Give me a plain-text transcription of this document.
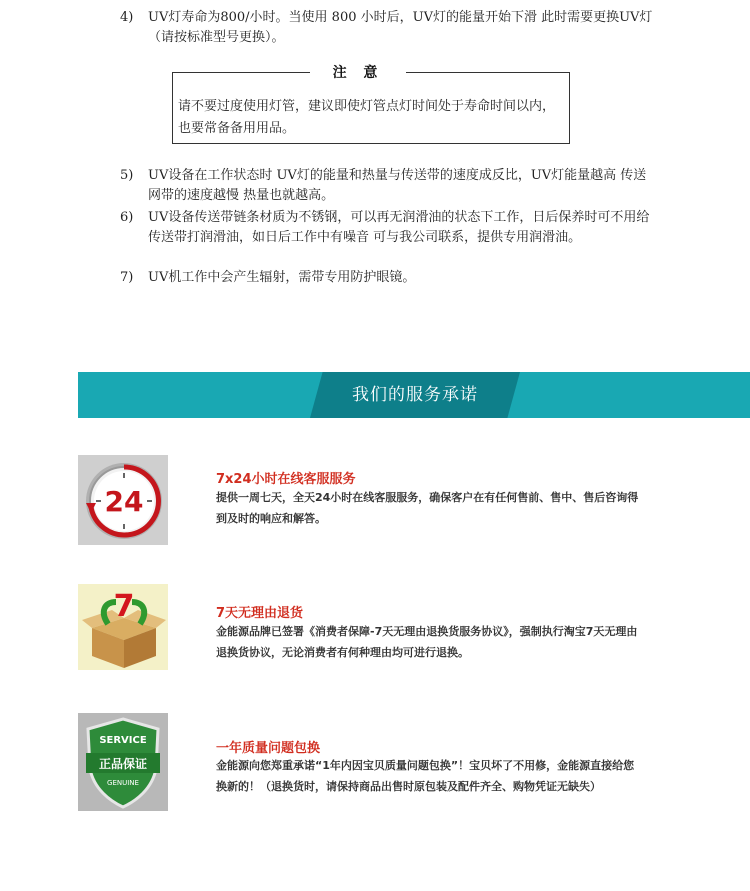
4)	UV灯寿命为800/小时。当使用 800 小时后，UV灯的能量开始下滑 此时需要更换UV灯（请按标准型号更换）。
注 意
请不要过度使用灯管，建议即使灯管点灯时间处于寿命时间以内，也要常备备用用品。
5)	UV设备在工作状态时 UV灯的能量和热量与传送带的速度成反比，UV灯能量越高 传送网带的速度越慢 热量也就越高。
6)	UV设备传送带链条材质为不锈钢，可以再无润滑油的状态下工作，日后保养时可不用给传送带打润滑油，如日后工作中有噪音 可与我公司联系，提供专用润滑油。
7)	UV机工作中会产生辐射，需带专用防护眼镜。
我们的服务承诺
24
7x24小时在线客服服务
提供一周七天，全天24小时在线客服服务，确保客户在有任何售前、售中、售后咨询得到及时的响应和解答。
7	7天无理由退货
金能源品牌已签署《消费者保障-7天无理由退换货服务协议》，强制执行淘宝7天无理由退换货协议，无论消费者有何种理由均可进行退换。
SERVICE
正品保证
GENUINE
一年质量问题包换
金能源向您郑重承诺“1年内因宝贝质量问题包换”！宝贝坏了不用修，金能源直接给您换新的！（退换货时，请保持商品出售时原包装及配件齐全、购物凭证无缺失）
